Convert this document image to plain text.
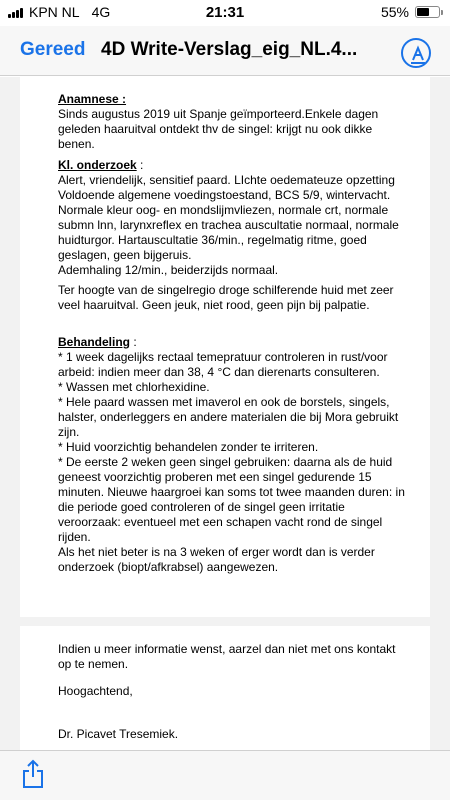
KPN NL 4G	21:31	55%
Gereed 4D Write-Verslag_eig_NL.4...
Anamnese :
Sinds augustus 2019 uit Spanje geïmporteerd.Enkele dagen
geleden haaruitval ontdekt thv de singel: krijgt nu ook dikke
benen.
Kl. onderzoek :
Alert, vriendelijk, sensitief paard. LIchte oedemateuze opzetting
Voldoende algemene voedingstoestand, BCS 5/9, wintervacht.
Normale kleur oog- en mondslijmvliezen, normale crt, normale
submn lnn, larynxreflex en trachea auscultatie normaal, normale
huidturgor. Hartauscultatie 36/min., regelmatig ritme, goed
geslagen, geen bijgeruis.
Ademhaling 12/min., beiderzijds normaal.
Ter hoogte van de singelregio droge schilferende huid met zeer
veel haaruitval. Geen jeuk, niet rood, geen pijn bij palpatie.
Behandeling :
* 1 week dagelijks rectaal temepratuur controleren in rust/voor
arbeid: indien meer dan 38, 4 °C dan dierenarts consulteren.
* Wassen met chlorhexidine.
* Hele paard wassen met imaverol en ook de borstels, singels,
halster, onderleggers en andere materialen die bij Mora gebruikt
zijn.
* Huid voorzichtig behandelen zonder te irriteren.
* De eerste 2 weken geen singel gebruiken: daarna als de huid
geneest voorzichtig proberen met een singel gedurende 15
minuten. Nieuwe haargroei kan soms tot twee maanden duren: in
die periode goed controleren of de singel geen irritatie
veroorzaak: eventueel met een schapen vacht rond de singel
rijden.
Als het niet beter is na 3 weken of erger wordt dan is verder
onderzoek (biopt/afkrabsel) aangewezen.
Indien u meer informatie wenst, aarzel dan niet met ons kontakt
op te nemen.
Hoogachtend,
Dr. Picavet Tresemiek.
